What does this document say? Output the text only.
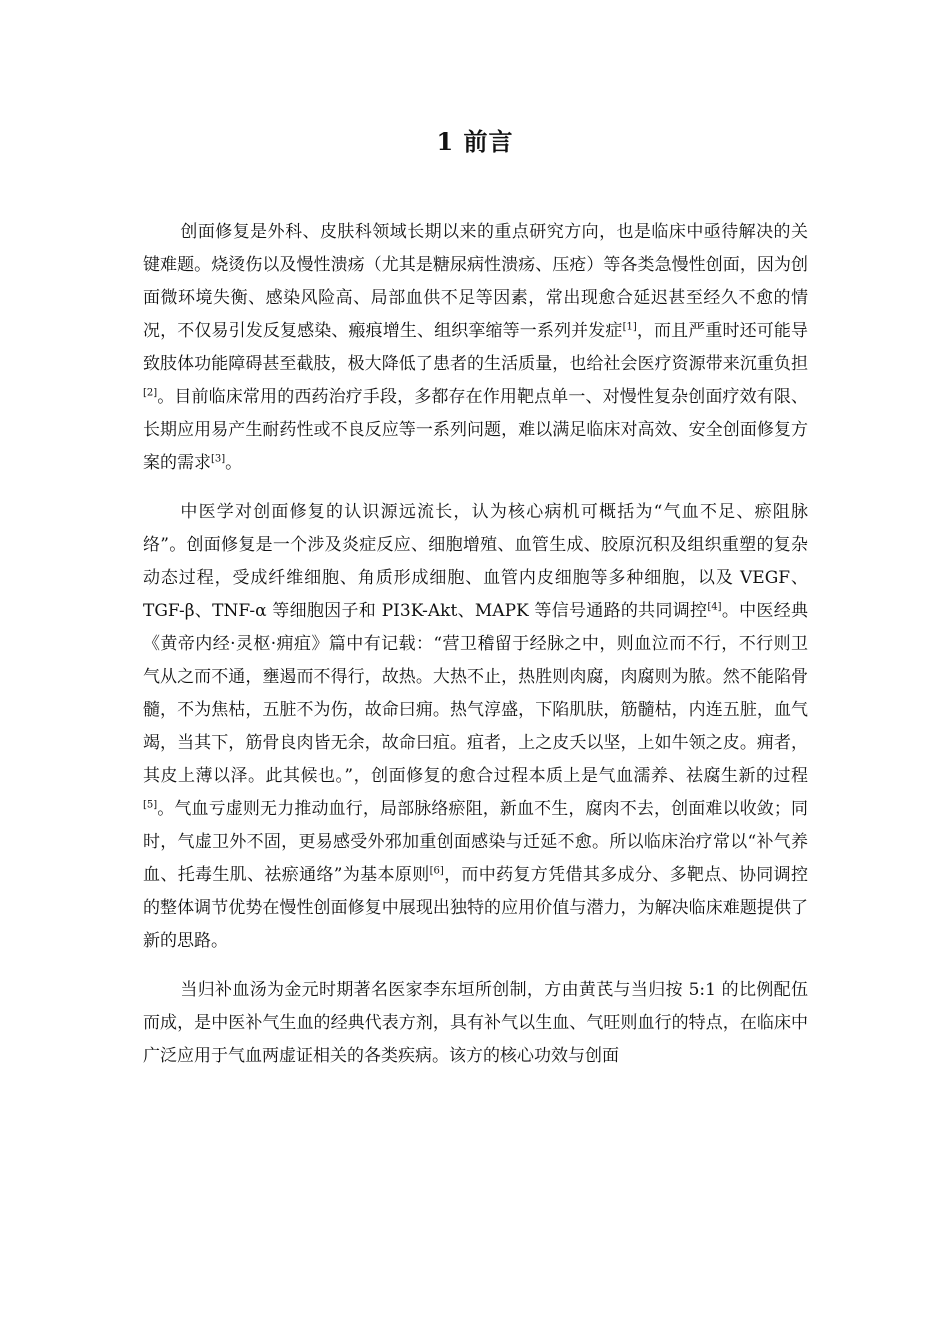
1 前言

创面修复是外科、皮肤科领域长期以来的重点研究方向，也是临床中亟待解决的关键难题。烧烫伤以及慢性溃疡（尤其是糖尿病性溃疡、压疮）等各类急慢性创面，因为创面微环境失衡、感染风险高、局部血供不足等因素，常出现愈合延迟甚至经久不愈的情况，不仅易引发反复感染、瘢痕增生、组织挛缩等一系列并发症[1]，而且严重时还可能导致肢体功能障碍甚至截肢，极大降低了患者的生活质量，也给社会医疗资源带来沉重负担[2]。目前临床常用的西药治疗手段，多都存在作用靶点单一、对慢性复杂创面疗效有限、长期应用易产生耐药性或不良反应等一系列问题，难以满足临床对高效、安全创面修复方案的需求[3]。

中医学对创面修复的认识源远流长，认为核心病机可概括为“气血不足、瘀阻脉络”。创面修复是一个涉及炎症反应、细胞增殖、血管生成、胶原沉积及组织重塑的复杂动态过程，受成纤维细胞、角质形成细胞、血管内皮细胞等多种细胞，以及 VEGF、TGF-β、TNF-α 等细胞因子和 PI3K-Akt、MAPK 等信号通路的共同调控[4]。中医经典《黄帝内经·灵枢·痈疽》篇中有记载：“营卫稽留于经脉之中，则血泣而不行，不行则卫气从之而不通，壅遏而不得行，故热。大热不止，热胜则肉腐，肉腐则为脓。然不能陷骨髓，不为焦枯，五脏不为伤，故命曰痈。热气淳盛，下陷肌肤，筋髓枯，内连五脏，血气竭，当其下，筋骨良肉皆无余，故命曰疽。疽者，上之皮夭以坚，上如牛领之皮。痈者，其皮上薄以泽。此其候也。”，创面修复的愈合过程本质上是气血濡养、祛腐生新的过程[5]。气血亏虚则无力推动血行，局部脉络瘀阻，新血不生，腐肉不去，创面难以收敛；同时，气虚卫外不固，更易感受外邪加重创面感染与迁延不愈。所以临床治疗常以“补气养血、托毒生肌、祛瘀通络”为基本原则[6]，而中药复方凭借其多成分、多靶点、协同调控的整体调节优势在慢性创面修复中展现出独特的应用价值与潜力，为解决临床难题提供了新的思路。

当归补血汤为金元时期著名医家李东垣所创制，方由黄芪与当归按 5:1 的比例配伍而成，是中医补气生血的经典代表方剂，具有补气以生血、气旺则血行的特点，在临床中广泛应用于气血两虚证相关的各类疾病。该方的核心功效与创面
